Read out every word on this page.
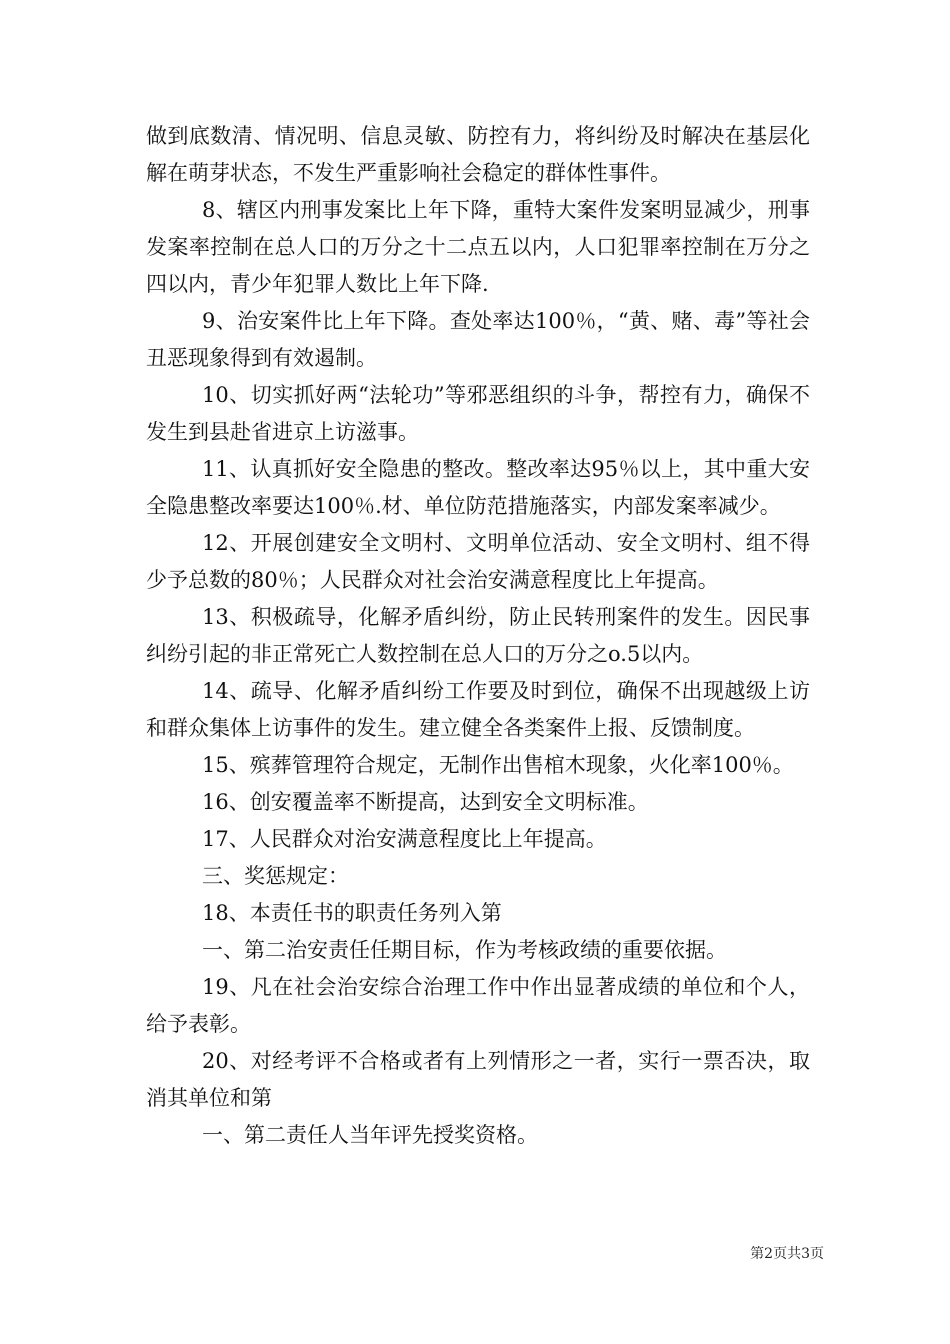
做到底数清、情况明、信息灵敏、防控有力，将纠纷及时解决在基层化解在萌芽状态，不发生严重影响社会稳定的群体性事件。

8、辖区内刑事发案比上年下降，重特大案件发案明显减少，刑事发案率控制在总人口的万分之十二点五以内，人口犯罪率控制在万分之四以内，青少年犯罪人数比上年下降.

9、治安案件比上年下降。查处率达100％，“黄、赌、毒”等社会丑恶现象得到有效遏制。

10、切实抓好两“法轮功”等邪恶组织的斗争，帮控有力，确保不发生到县赴省进京上访滋事。

11、认真抓好安全隐患的整改。整改率达95％以上，其中重大安全隐患整改率要达100％.材、单位防范措施落实，内部发案率减少。

12、开展创建安全文明村、文明单位活动、安全文明村、组不得少予总数的80％；人民群众对社会治安满意程度比上年提高。

13、积极疏导，化解矛盾纠纷，防止民转刑案件的发生。因民事纠纷引起的非正常死亡人数控制在总人口的万分之o.5以内。

14、疏导、化解矛盾纠纷工作要及时到位，确保不出现越级上访和群众集体上访事件的发生。建立健全各类案件上报、反馈制度。

15、殡葬管理符合规定，无制作出售棺木现象，火化率100％。

16、创安覆盖率不断提高，达到安全文明标准。

17、人民群众对治安满意程度比上年提高。

三、奖惩规定：

18、本责任书的职责任务列入第

一、第二治安责任任期目标，作为考核政绩的重要依据。

19、凡在社会治安综合治理工作中作出显著成绩的单位和个人，给予表彰。

20、对经考评不合格或者有上列情形之一者，实行一票否决，取消其单位和第

一、第二责任人当年评先授奖资格。

第2页共3页
